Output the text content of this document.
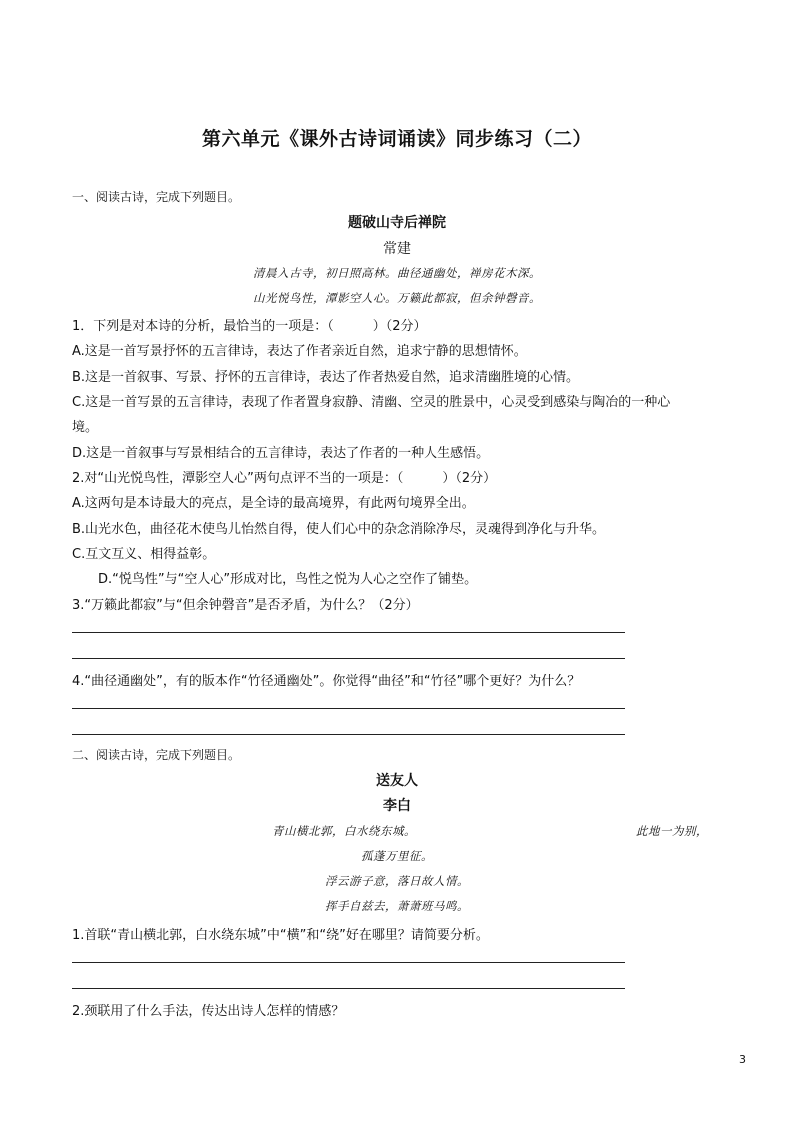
第六单元《课外古诗词诵读》同步练习（二）
一、阅读古诗，完成下列题目。
题破山寺后禅院
常建
清晨入古寺，初日照高林。曲径通幽处，禅房花木深。
山光悦鸟性，潭影空人心。万籁此都寂，但余钟磬音。
1．下列是对本诗的分析，最恰当的一项是：（　　　）（2分）
A.这是一首写景抒怀的五言律诗，表达了作者亲近自然，追求宁静的思想情怀。
B.这是一首叙事、写景、抒怀的五言律诗，表达了作者热爱自然，追求清幽胜境的心情。
C.这是一首写景的五言律诗，表现了作者置身寂静、清幽、空灵的胜景中，心灵受到感染与陶冶的一种心
境。
D.这是一首叙事与写景相结合的五言律诗，表达了作者的一种人生感悟。
2.对“山光悦鸟性，潭影空人心”两句点评不当的一项是：（　　　）（2分）
A.这两句是本诗最大的亮点，是全诗的最高境界，有此两句境界全出。
B.山光水色，曲径花木使鸟儿怡然自得，使人们心中的杂念消除净尽，灵魂得到净化与升华。
C.互文互义、相得益彰。
D.“悦鸟性”与“空人心”形成对比，鸟性之悦为人心之空作了铺垫。
3.“万籁此都寂”与“但余钟磬音”是否矛盾，为什么？（2分）
4.“曲径通幽处”，有的版本作“竹径通幽处”。你觉得“曲径”和“竹径”哪个更好？为什么？
二、阅读古诗，完成下列题目。
送友人
李白
青山横北郭，白水绕东城。	此地一为别，
孤蓬万里征。
浮云游子意，落日故人情。
挥手自兹去，萧萧班马鸣。
1.首联“青山横北郭，白水绕东城”中“横”和“绕”好在哪里？请简要分析。
2.颈联用了什么手法，传达出诗人怎样的情感？
3
